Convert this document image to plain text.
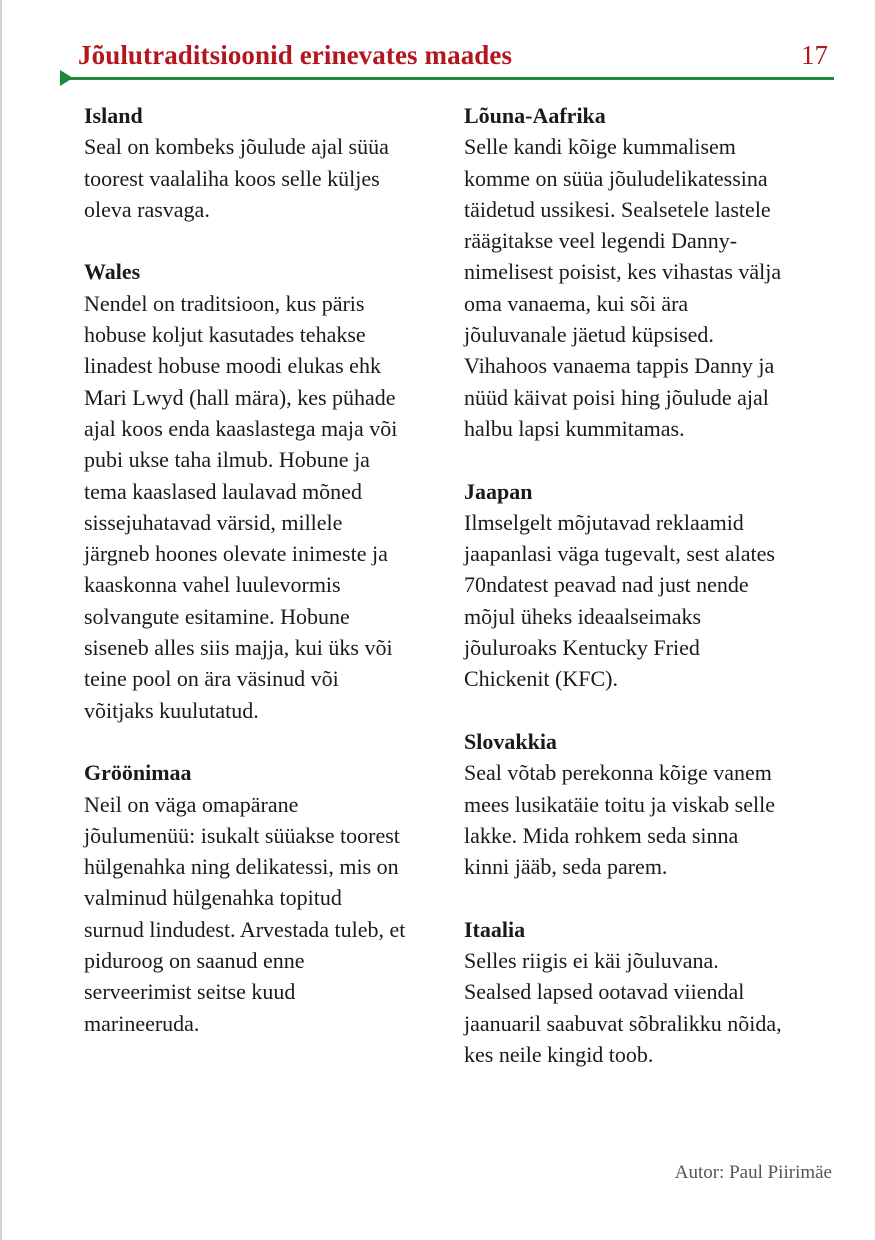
Jõulutraditsioonid erinevates maades	17

Island

Seal on kombeks jõulude ajal süüa
toorest vaalaliha koos selle küljes
oleva rasvaga.

Wales

Nendel on traditsioon, kus päris
hobuse koljut kasutades tehakse
linadest hobuse moodi elukas ehk
Mari Lwyd (hall mära), kes pühade
ajal koos enda kaaslastega maja või
pubi ukse taha ilmub. Hobune ja
tema kaaslased laulavad mõned
sissejuhatavad värsid, millele
järgneb hoones olevate inimeste ja
kaaskonna vahel luulevormis
solvangute esitamine. Hobune
siseneb alles siis majja, kui üks või
teine pool on ära väsinud või
võitjaks kuulutatud.

Gröönimaa

Neil on väga omapärane
jõulumenüü: isukalt süüakse toorest
hülgenahka ning delikatessi, mis on
valminud hülgenahka topitud
surnud lindudest. Arvestada tuleb, et
piduroog on saanud enne
serveerimist seitse kuud
marineeruda.

Lõuna-Aafrika

Selle kandi kõige kummalisem
komme on süüa jõuludelikatessina
täidetud ussikesi. Sealsetele lastele
räägitakse veel legendi Danny-
nimelisest poisist, kes vihastas välja
oma vanaema, kui sõi ära
jõuluvanale jäetud küpsised.
Vihahoos vanaema tappis Danny ja
nüüd käivat poisi hing jõulude ajal
halbu lapsi kummitamas.

Jaapan

Ilmselgelt mõjutavad reklaamid
jaapanlasi väga tugevalt, sest alates
70ndatest peavad nad just nende
mõjul üheks ideaalseimaks
jõuluroaks Kentucky Fried
Chickenit (KFC).

Slovakkia

Seal võtab perekonna kõige vanem
mees lusikatäie toitu ja viskab selle
lakke. Mida rohkem seda sinna
kinni jääb, seda parem.

Itaalia

Selles riigis ei käi jõuluvana.
Sealsed lapsed ootavad viiendal
jaanuaril saabuvat sõbralikku nõida,
kes neile kingid toob.

Autor: Paul Piirimäe
